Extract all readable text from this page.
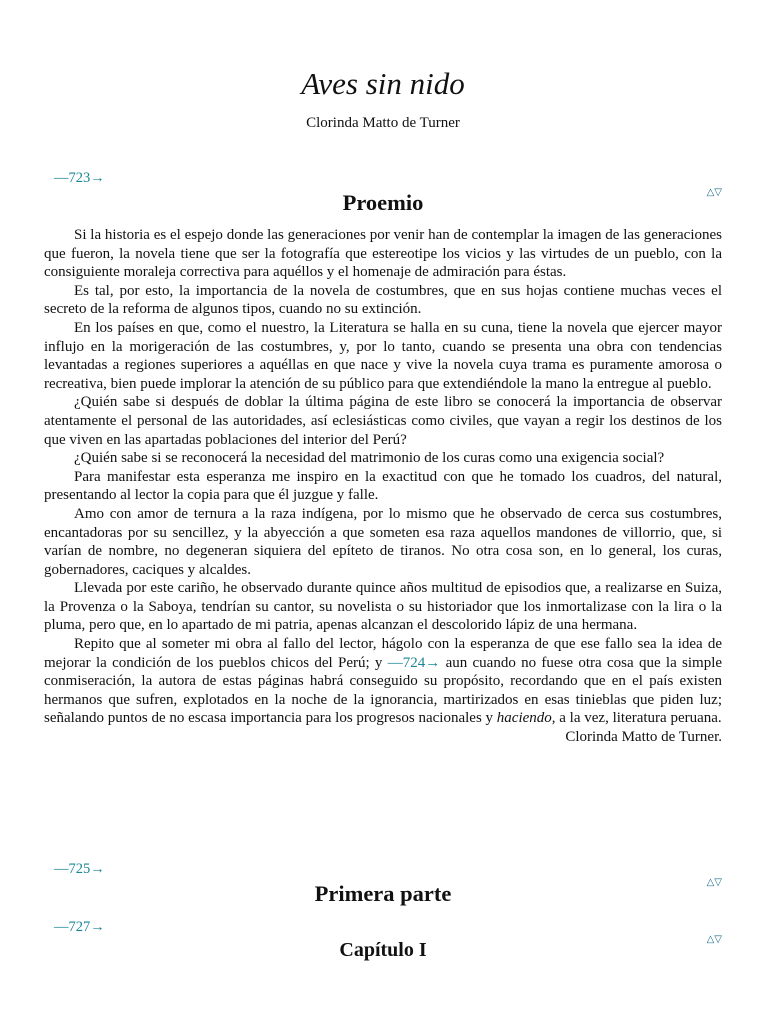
Aves sin nido
Clorinda Matto de Turner
—723→
△▽
Proemio

Si la historia es el espejo donde las generaciones por venir han de contemplar la imagen de las generaciones que fueron, la novela tiene que ser la fotografía que estereotipe los vicios y las virtudes de un pueblo, con la consiguiente moraleja correctiva para aquéllos y el homenaje de admiración para éstas.

Es tal, por esto, la importancia de la novela de costumbres, que en sus hojas contiene muchas veces el secreto de la reforma de algunos tipos, cuando no su extinción.

En los países en que, como el nuestro, la Literatura se halla en su cuna, tiene la novela que ejercer mayor influjo en la morigeración de las costumbres, y, por lo tanto, cuando se presenta una obra con tendencias levantadas a regiones superiores a aquéllas en que nace y vive la novela cuya trama es puramente amorosa o recreativa, bien puede implorar la atención de su público para que extendiéndole la mano la entregue al pueblo.

¿Quién sabe si después de doblar la última página de este libro se conocerá la importancia de observar atentamente el personal de las autoridades, así eclesiásticas como civiles, que vayan a regir los destinos de los que viven en las apartadas poblaciones del interior del Perú?

¿Quién sabe si se reconocerá la necesidad del matrimonio de los curas como una exigencia social?

Para manifestar esta esperanza me inspiro en la exactitud con que he tomado los cuadros, del natural, presentando al lector la copia para que él juzgue y falle.

Amo con amor de ternura a la raza indígena, por lo mismo que he observado de cerca sus costumbres, encantadoras por su sencillez, y la abyección a que someten esa raza aquellos mandones de villorrio, que, si varían de nombre, no degeneran siquiera del epíteto de tiranos. No otra cosa son, en lo general, los curas, gobernadores, caciques y alcaldes.

Llevada por este cariño, he observado durante quince años multitud de episodios que, a realizarse en Suiza, la Provenza o la Saboya, tendrían su cantor, su novelista o su historiador que los inmortalizase con la lira o la pluma, pero que, en lo apartado de mi patria, apenas alcanzan el descolorido lápiz de una hermana.

Repito que al someter mi obra al fallo del lector, hágolo con la esperanza de que ese fallo sea la idea de mejorar la condición de los pueblos chicos del Perú; y —724→ aun cuando no fuese otra cosa que la simple conmiseración, la autora de estas páginas habrá conseguido su propósito, recordando que en el país existen hermanos que sufren, explotados en la noche de la ignorancia, martirizados en esas tinieblas que piden luz; señalando puntos de no escasa importancia para los progresos nacionales y haciendo, a la vez, literatura peruana.

Clorinda Matto de Turner.

—725→
△▽
Primera parte
—727→
△▽
Capítulo I
